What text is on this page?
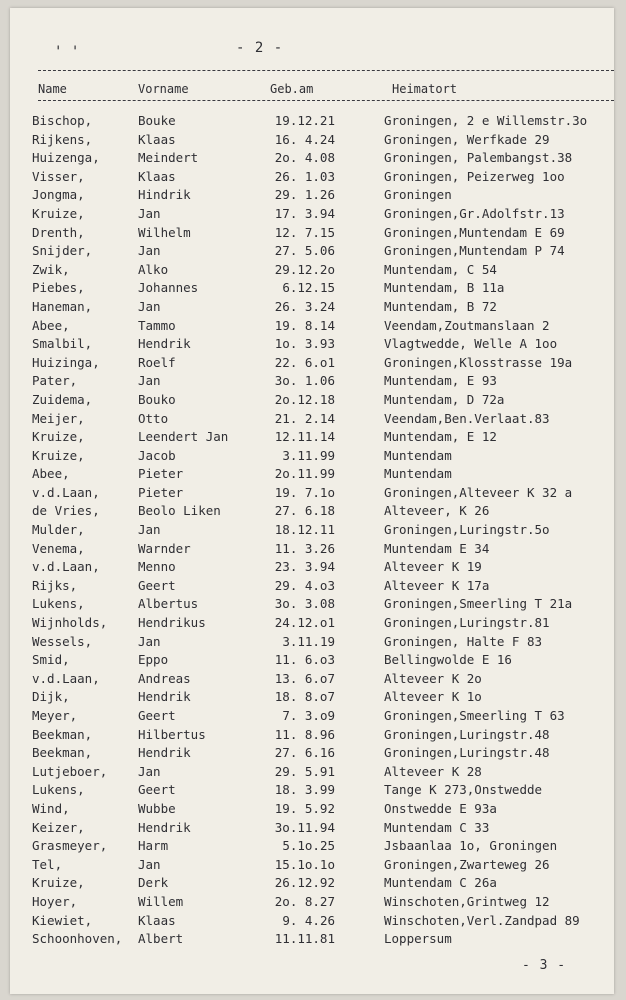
' '	- 2 -
Name	Vorname	Geb.am	Heimatort
Bischop,	Bouke	19.12.21	Groningen, 2 e Willemstr.3o
Rijkens,	Klaas	16. 4.24	Groningen, Werfkade 29
Huizenga,	Meindert	2o. 4.08	Groningen, Palembangst.38
Visser,	Klaas	26. 1.03	Groningen, Peizerweg 1oo
Jongma,	Hindrik	29. 1.26	Groningen
Kruize,	Jan	17. 3.94	Groningen,Gr.Adolfstr.13
Drenth,	Wilhelm	12. 7.15	Groningen,Muntendam E 69
Snijder,	Jan	27. 5.06	Groningen,Muntendam P 74
Zwik,	Alko	29.12.2o	Muntendam, C 54
Piebes,	Johannes	6.12.15	Muntendam, B 11a
Haneman,	Jan	26. 3.24	Muntendam, B 72
Abee,	Tammo	19. 8.14	Veendam,Zoutmanslaan 2
Smalbil,	Hendrik	1o. 3.93	Vlagtwedde, Welle A 1oo
Huizinga,	Roelf	22. 6.o1	Groningen,Klosstrasse 19a
Pater,	Jan	3o. 1.06	Muntendam, E 93
Zuidema,	Bouko	2o.12.18	Muntendam, D 72a
Meijer,	Otto	21. 2.14	Veendam,Ben.Verlaat.83
Kruize,	Leendert Jan	12.11.14	Muntendam, E 12
Kruize,	Jacob	3.11.99	Muntendam
Abee,	Pieter	2o.11.99	Muntendam
v.d.Laan,	Pieter	19. 7.1o	Groningen,Alteveer K 32 a
de Vries,	Beolo Liken	27. 6.18	Alteveer, K 26
Mulder,	Jan	18.12.11	Groningen,Luringstr.5o
Venema,	Warnder	11. 3.26	Muntendam E 34
v.d.Laan,	Menno	23. 3.94	Alteveer K 19
Rijks,	Geert	29. 4.o3	Alteveer K 17a
Lukens,	Albertus	3o. 3.08	Groningen,Smeerling T 21a
Wijnholds, Hendrikus	24.12.o1	Groningen,Luringstr.81
Wessels,	Jan	3.11.19	Groningen, Halte F 83
Smid,	Eppo	11. 6.o3	Bellingwolde E 16
v.d.Laan,	Andreas	13. 6.o7	Alteveer K 2o
Dijk,	Hendrik	18. 8.o7	Alteveer K 1o
Meyer,	Geert	7. 3.o9	Groningen,Smeerling T 63
Beekman,	Hilbertus	11. 8.96	Groningen,Luringstr.48
Beekman,	Hendrik	27. 6.16	Groningen,Luringstr.48
Lutjeboer, Jan	29. 5.91	Alteveer K 28
Lukens,	Geert	18. 3.99	Tange K 273,Onstwedde
Wind,	Wubbe	19. 5.92	Onstwedde E 93a
Keizer,	Hendrik	3o.11.94	Muntendam C 33
Grasmeyer, Harm	5.1o.25	Jsbaanlaa 1o, Groningen
Tel,	Jan	15.1o.1o	Groningen,Zwarteweg 26
Kruize,	Derk	26.12.92	Muntendam C 26a
Hoyer,	Willem	2o. 8.27	Winschoten,Grintweg 12
Kiewiet,	Klaas	9. 4.26	Winschoten,Verl.Zandpad 89
Schoonhoven, Albert	11.11.81	Loppersum
- 3 -
